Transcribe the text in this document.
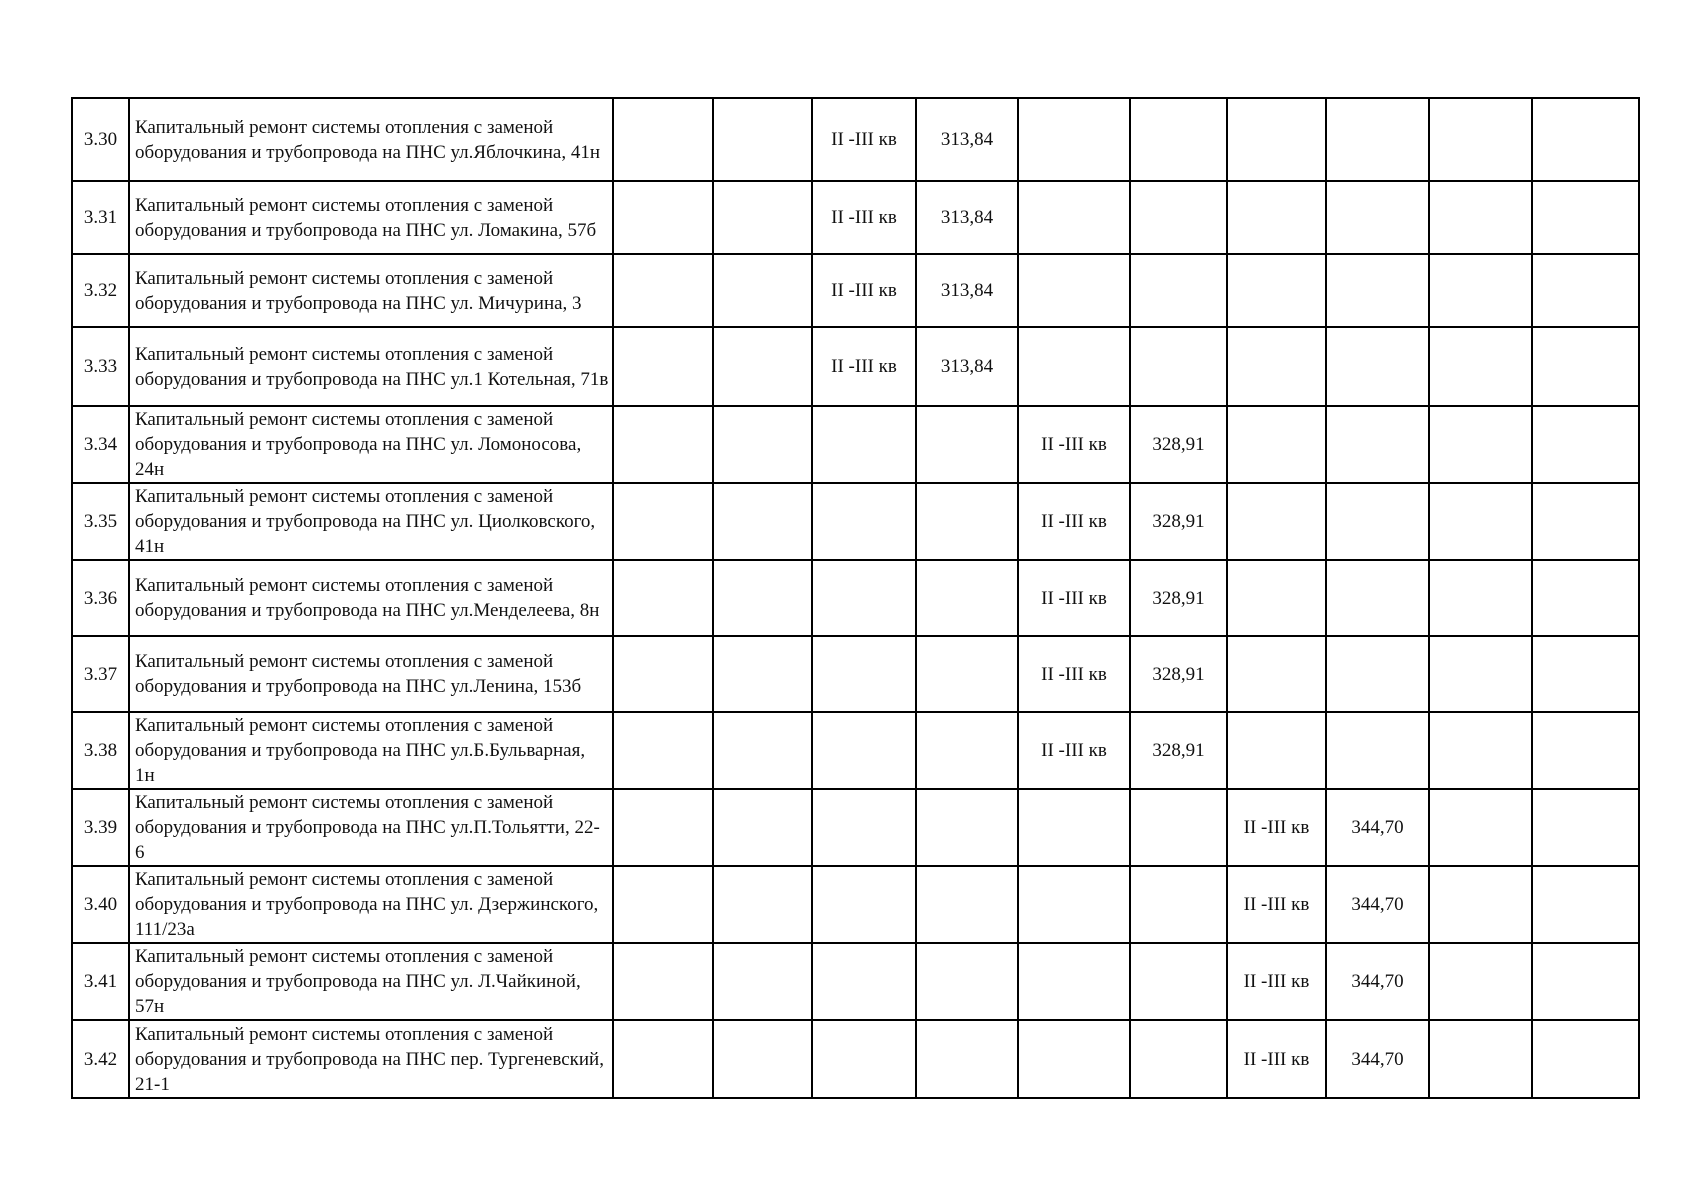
3.30	Капитальный ремонт системы отопления с заменой оборудования и трубопровода на ПНС ул.Яблочкина, 41н			II -III кв	313,84						
3.31	Капитальный ремонт системы отопления с заменой оборудования и трубопровода на ПНС ул. Ломакина, 57б			II -III кв	313,84						
3.32	Капитальный ремонт системы отопления с заменой оборудования и трубопровода на ПНС ул. Мичурина, 3			II -III кв	313,84						
3.33	Капитальный ремонт системы отопления с заменой оборудования и трубопровода на ПНС ул.1 Котельная, 71в			II -III кв	313,84						
3.34	Капитальный ремонт системы отопления с заменой оборудования и трубопровода на ПНС ул. Ломоносова, 24н					II -III кв	328,91				
3.35	Капитальный ремонт системы отопления с заменой оборудования и трубопровода на ПНС ул. Циолковского, 41н					II -III кв	328,91				
3.36	Капитальный ремонт системы отопления с заменой оборудования и трубопровода на ПНС ул.Менделеева, 8н					II -III кв	328,91				
3.37	Капитальный ремонт системы отопления с заменой оборудования и трубопровода на ПНС ул.Ленина, 153б					II -III кв	328,91				
3.38	Капитальный ремонт системы отопления с заменой оборудования и трубопровода на ПНС ул.Б.Бульварная, 1н					II -III кв	328,91				
3.39	Капитальный ремонт системы отопления с заменой оборудования и трубопровода на ПНС ул.П.Тольятти, 22-6							II -III кв	344,70		
3.40	Капитальный ремонт системы отопления с заменой оборудования и трубопровода на ПНС ул. Дзержинского, 111/23а							II -III кв	344,70		
3.41	Капитальный ремонт системы отопления с заменой оборудования и трубопровода на ПНС ул. Л.Чайкиной, 57н							II -III кв	344,70		
3.42	Капитальный ремонт системы отопления с заменой оборудования и трубопровода на ПНС пер. Тургеневский, 21-1							II -III кв	344,70		
